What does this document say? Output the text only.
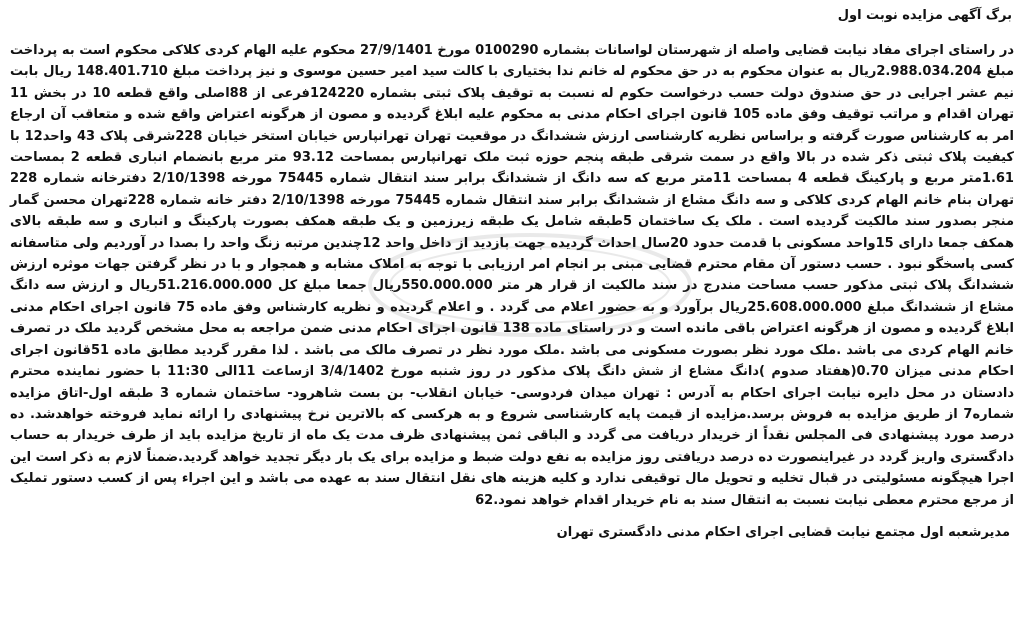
برگ آگهی مزایده نوبت اول

در راستای اجرای مفاد نیابت قضایی واصله از شهرستان لواسانات بشماره 0100290 مورخ 27/9/1401 محکوم علیه الهام کردی کلاکی محکوم است به پرداخت مبلغ 2.988.034.204ریال به عنوان محکوم به در حق محکوم له خانم ندا بختیاری با کالت سید امیر حسین موسوی و نیز پرداخت مبلغ 148.401.710 ریال بابت نیم عشر اجرایی در حق صندوق دولت حسب درخواست حکوم له نسبت به توقیف پلاک ثبتی بشماره 124220فرعی از 88اصلی واقع قطعه 10 در بخش 11 تهران اقدام و مراتب توقیف وفق ماده 105 قانون اجرای احکام مدنی به محکوم علیه ابلاغ گردیده و مصون از هرگونه اعتراض واقع شده و متعاقب آن ارجاع امر به کارشناس صورت گرفته و براساس نظریه کارشناسی ارزش ششدانگ در موقعیت تهران تهرانپارس خیابان استخر خیابان 228شرقی پلاک 43 واحد12 با کیفیت پلاک ثبتی ذکر شده در بالا واقع در سمت شرقی طبقه پنجم حوزه ثبت ملک تهرانپارس بمساحت 93.12 متر مربع بانضمام انباری قطعه 2 بمساحت 1.61متر مربع و پارکینگ قطعه 4 بمساحت 11متر مربع که سه دانگ از ششدانگ برابر سند انتقال شماره 75445 مورخه 2/10/1398 دفترخانه شماره 228 تهران بنام خانم الهام کردی کلاکی و سه دانگ مشاع از ششدانگ برابر سند انتقال شماره 75445 مورخه 2/10/1398 دفتر خانه شماره 228تهران محسن گمار منجر بصدور سند مالکیت گردیده است . ملک یک ساختمان 5طبقه شامل یک طبقه زیرزمین و یک طبقه همکف بصورت پارکینگ و انباری و سه طبقه بالای همکف جمعا دارای 15واحد مسکونی با قدمت حدود 20سال احداث گردیده جهت بازدید از داخل واحد 12چندین مرتبه زنگ واحد را بصدا در آوردیم ولی متاسفانه کسی پاسخگو نبود . حسب دستور آن مقام محترم قضایی مبنی بر انجام امر ارزیابی با توجه به املاک مشابه و همجوار و با در نظر گرفتن جهات موثره ارزش ششدانگ پلاک ثبتی مذکور حسب مساحت مندرج در سند مالکیت از قرار هر متر 550.000.000ریال جمعا مبلغ کل 51.216.000.000ریال و ارزش سه دانگ مشاع از ششدانگ مبلغ 25.608.000.000ریال برآورد و به حضور اعلام می گردد . و اعلام گردیده و نظریه کارشناس وفق ماده 75 قانون اجرای احکام مدنی ابلاغ گردیده و مصون از هرگونه اعتراض باقی مانده است و در راستای ماده 138 قانون اجرای احکام مدنی ضمن مراجعه به محل مشخص گردید ملک در تصرف خانم الهام کردی می باشد .ملک مورد نظر بصورت مسکونی می باشد .ملک مورد نظر در تصرف مالک می باشد . لذا مقرر گردید مطابق ماده 51قانون اجرای احکام مدنی میزان 0.70(هفتاد صدوم )دانگ مشاع از شش دانگ پلاک مذکور در روز شنبه مورخ 3/4/1402 ازساعت 11الی 11:30 با حضور نماینده محترم دادستان در محل دایره نیابت اجرای احکام به آدرس : تهران میدان فردوسی- خیابان انقلاب- بن بست شاهرود- ساختمان شماره 3 طبقه اول-اتاق مزایده شماره7 از طریق مزایده به فروش برسد.مزایده از قیمت پایه کارشناسی شروع و به هرکسی که بالاترین نرخ پیشنهادی را ارائه نماید فروخته خواهدشد. ده درصد مورد پیشنهادی فی المجلس نقداً از خریدار دریافت می گردد و الباقی ثمن پیشنهادی ظرف مدت یک ماه از تاریخ مزایده باید از طرف خریدار به حساب دادگستری واریز گردد در غیراینصورت ده درصد دریافتی روز مزایده به نفع دولت ضبط و مزایده برای یک بار دیگر تجدید خواهد گردید.ضمناً لازم به ذکر است این اجرا هیچگونه مسئولیتی در قبال تخلیه و تحویل مال توقیفی ندارد و کلیه هزینه های نقل انتقال سند به عهده می باشد و این اجراء پس از کسب دستور تملیک از مرجع محترم معطی نیابت نسبت به انتقال سند به نام خریدار اقدام خواهد نمود.62

مدیرشعبه اول مجتمع نیابت قضایی اجرای احکام مدنی دادگستری تهران
